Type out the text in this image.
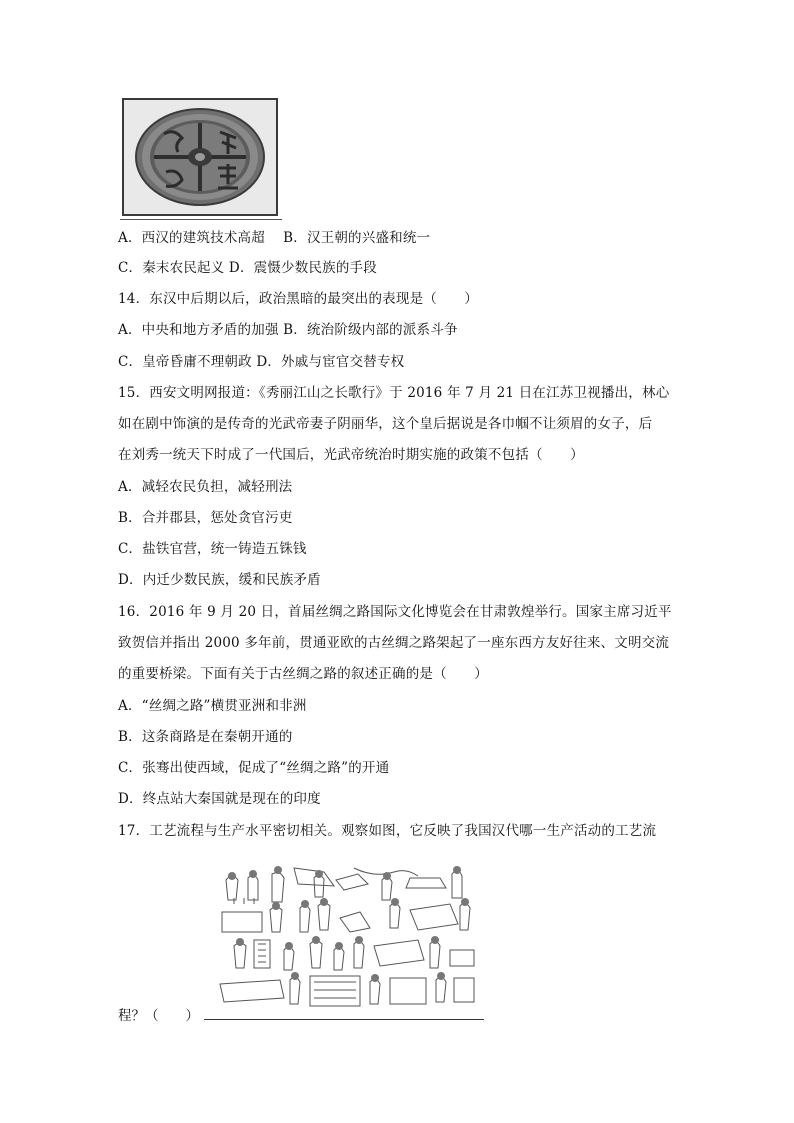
A．西汉的建筑技术高超　 B．汉王朝的兴盛和统一
C．秦末农民起义 D．震慑少数民族的手段
14．东汉中后期以后，政治黑暗的最突出的表现是（　　）
A．中央和地方矛盾的加强 B．统治阶级内部的派系斗争
C．皇帝昏庸不理朝政 D．外戚与宦官交替专权
15．西安文明网报道：《秀丽江山之长歌行》于 2016 年 7 月 21 日在江苏卫视播出，林心
如在剧中饰演的是传奇的光武帝妻子阴丽华，这个皇后据说是各巾帼不让须眉的女子，后
在刘秀一统天下时成了一代国后，光武帝统治时期实施的政策不包括（　　）
A．减轻农民负担，减轻刑法
B．合并郡县，惩处贪官污吏
C．盐铁官营，统一铸造五铢钱
D．内迁少数民族，缓和民族矛盾
16．2016 年 9 月 20 日，首届丝绸之路国际文化博览会在甘肃敦煌举行。国家主席习近平
致贺信并指出 2000 多年前，贯通亚欧的古丝绸之路架起了一座东西方友好往来、文明交流
的重要桥梁。下面有关于古丝绸之路的叙述正确的是（　　）
A．“丝绸之路”横贯亚洲和非洲
B．这条商路是在秦朝开通的
C．张骞出使西域，促成了“丝绸之路”的开通
D．终点站大秦国就是现在的印度
17．工艺流程与生产水平密切相关。观察如图，它反映了我国汉代哪一生产活动的工艺流
程？（　　）
